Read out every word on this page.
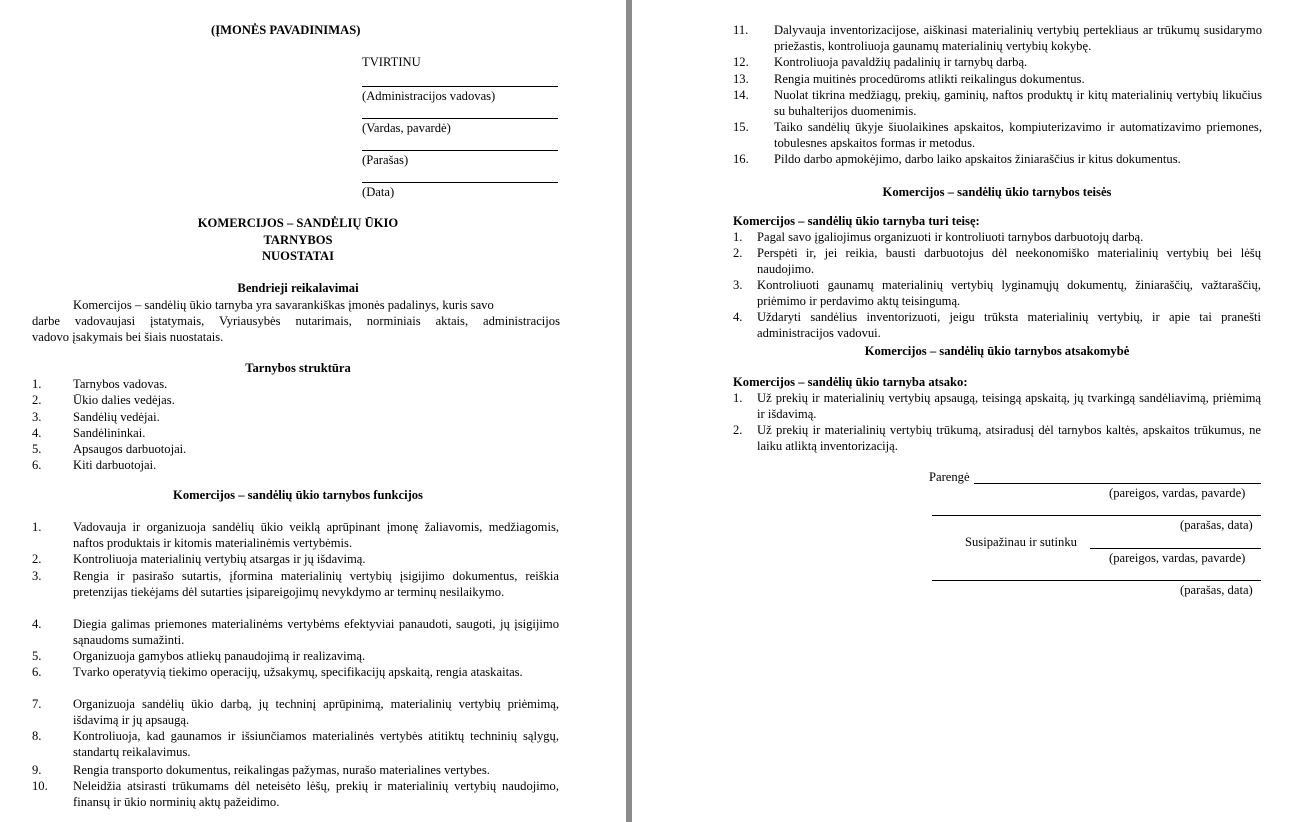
(ĮMONĖS PAVADINIMAS)
TVIRTINU
(Administracijos vadovas)
(Vardas, pavardė)
(Parašas)
(Data)
KOMERCIJOS – SANDĖLIŲ ŪKIO
TARNYBOS
NUOSTATAI
Bendrieji reikalavimai
Komercijos – sandėlių ūkio tarnyba yra savarankiškas įmonės padalinys, kuris savo
darbe vadovaujasi įstatymais, Vyriausybės nutarimais, norminiais aktais, administracijos
vadovo įsakymais bei šiais nuostatais.
Tarnybos struktūra
1.	Tarnybos vadovas.
2.	Ūkio dalies vedėjas.
3.	Sandėlių vedėjai.
4.	Sandėlininkai.
5.	Apsaugos darbuotojai.
6.	Kiti darbuotojai.
Komercijos – sandėlių ūkio tarnybos funkcijos
1.	Vadovauja ir organizuoja sandėlių ūkio veiklą aprūpinant įmonę žaliavomis, medžiagomis, naftos produktais ir kitomis materialinėmis vertybėmis.
2.	Kontroliuoja materialinių vertybių atsargas ir jų išdavimą.
3.	Rengia ir pasirašo sutartis, įformina materialinių vertybių įsigijimo dokumentus, reiškia pretenzijas tiekėjams dėl sutarties įsipareigojimų nevykdymo ar terminų nesilaikymo.
4.	Diegia galimas priemones materialinėms vertybėms efektyviai panaudoti, saugoti, jų įsigijimo sąnaudoms sumažinti.
5.	Organizuoja gamybos atliekų panaudojimą ir realizavimą.
6.	Tvarko operatyvią tiekimo operacijų, užsakymų, specifikacijų apskaitą, rengia ataskaitas.
7.	Organizuoja sandėlių ūkio darbą, jų techninį aprūpinimą, materialinių vertybių priėmimą, išdavimą ir jų apsaugą.
8.	Kontroliuoja, kad gaunamos ir išsiunčiamos materialinės vertybės atitiktų techninių sąlygų, standartų reikalavimus.
9.	Rengia transporto dokumentus, reikalingas pažymas, nurašo materialines vertybes.
10. Neleidžia atsirasti trūkumams dėl neteisėto lėšų, prekių ir materialinių vertybių naudojimo, finansų ir ūkio norminių aktų pažeidimo.
11. Dalyvauja inventorizacijose, aiškinasi materialinių vertybių pertekliaus ar trūkumų susidarymo priežastis, kontroliuoja gaunamų materialinių vertybių kokybę.
12. Kontroliuoja pavaldžių padalinių ir tarnybų darbą.
13. Rengia muitinės procedūroms atlikti reikalingus dokumentus.
14. Nuolat tikrina medžiagų, prekių, gaminių, naftos produktų ir kitų materialinių vertybių likučius su buhalterijos duomenimis.
15. Taiko sandėlių ūkyje šiuolaikines apskaitos, kompiuterizavimo ir automatizavimo priemones, tobulesnes apskaitos formas ir metodus.
16. Pildo darbo apmokėjimo, darbo laiko apskaitos žiniaraščius ir kitus dokumentus.
Komercijos – sandėlių ūkio tarnybos teisės
Komercijos – sandėlių ūkio tarnyba turi teisę:
1. Pagal savo įgaliojimus organizuoti ir kontroliuoti tarnybos darbuotojų darbą.
2. Perspėti ir, jei reikia, bausti darbuotojus dėl neekonomiško materialinių vertybių bei lėšų naudojimo.
3. Kontroliuoti gaunamų materialinių vertybių lyginamųjų dokumentų, žiniaraščių, važtaraščių, priėmimo ir perdavimo aktų teisingumą.
4. Uždaryti sandėlius inventorizuoti, jeigu trūksta materialinių vertybių, ir apie tai pranešti administracijos vadovui.
Komercijos – sandėlių ūkio tarnybos atsakomybė
Komercijos – sandėlių ūkio tarnyba atsako:
1. Už prekių ir materialinių vertybių apsaugą, teisingą apskaitą, jų tvarkingą sandėliavimą, priėmimą ir išdavimą.
2. Už prekių ir materialinių vertybių trūkumą, atsiradusį dėl tarnybos kaltės, apskaitos trūkumus, ne laiku atliktą inventorizaciją.
Parengė
(pareigos, vardas, pavarde)
(parašas, data)
Susipažinau ir sutinku
(pareigos, vardas, pavarde)
(parašas, data)
